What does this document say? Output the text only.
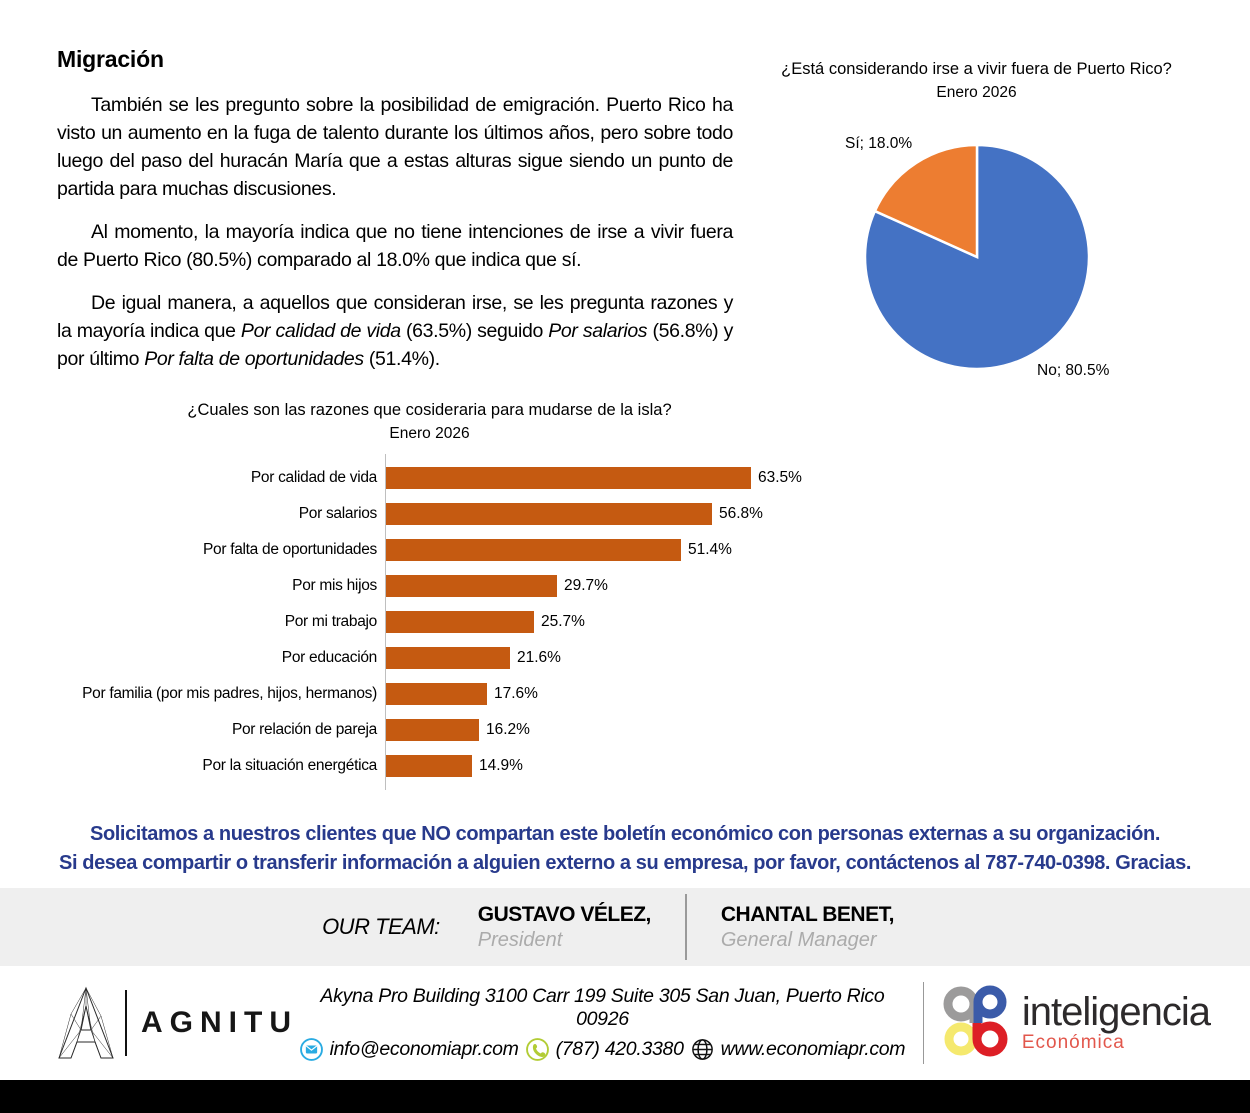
Migración

También se les pregunto sobre la posibilidad de emigración. Puerto Rico ha visto un aumento en la fuga de talento durante los últimos años, pero sobre todo luego del paso del huracán María que a estas alturas sigue siendo un punto de partida para muchas discusiones.

Al momento, la mayoría indica que no tiene intenciones de irse a vivir fuera de Puerto Rico (80.5%) comparado al 18.0% que indica que sí.

De igual manera, a aquellos que consideran irse, se les pregunta razones y la mayoría indica que Por calidad de vida (63.5%) seguido Por salarios (56.8%) y por último Por falta de oportunidades (51.4%).

¿Está considerando irse a vivir fuera de Puerto Rico?
Enero 2026
Sí; 18.0%
No; 80.5%
¿Cuales son las razones que cosideraria para mudarse de la isla?
Enero 2026
Por calidad de vida	63.5%
Por salarios	56.8%
Por falta de oportunidades	51.4%
Por mis hijos	29.7%
Por mi trabajo	25.7%
Por educación	21.6%
Por familia (por mis padres, hijos, hermanos)	17.6%
Por relación de pareja	16.2%
Por la situación energética	14.9%
Solicitamos a nuestros clientes que NO compartan este boletín económico con personas externas a su organización.
Si desea compartir o transferir información a alguien externo a su empresa, por favor, contáctenos al 787-740-0398. Gracias.
OUR TEAM: GUSTAVO VÉLEZ,
President
CHANTAL BENET,
General Manager
AGNITU
Akyna Pro Building 3100 Carr 199 Suite 305 San Juan, Puerto Rico 00926
info@economiapr.com (787) 420.3380 www.economiapr.com
inteligencia
Económica
